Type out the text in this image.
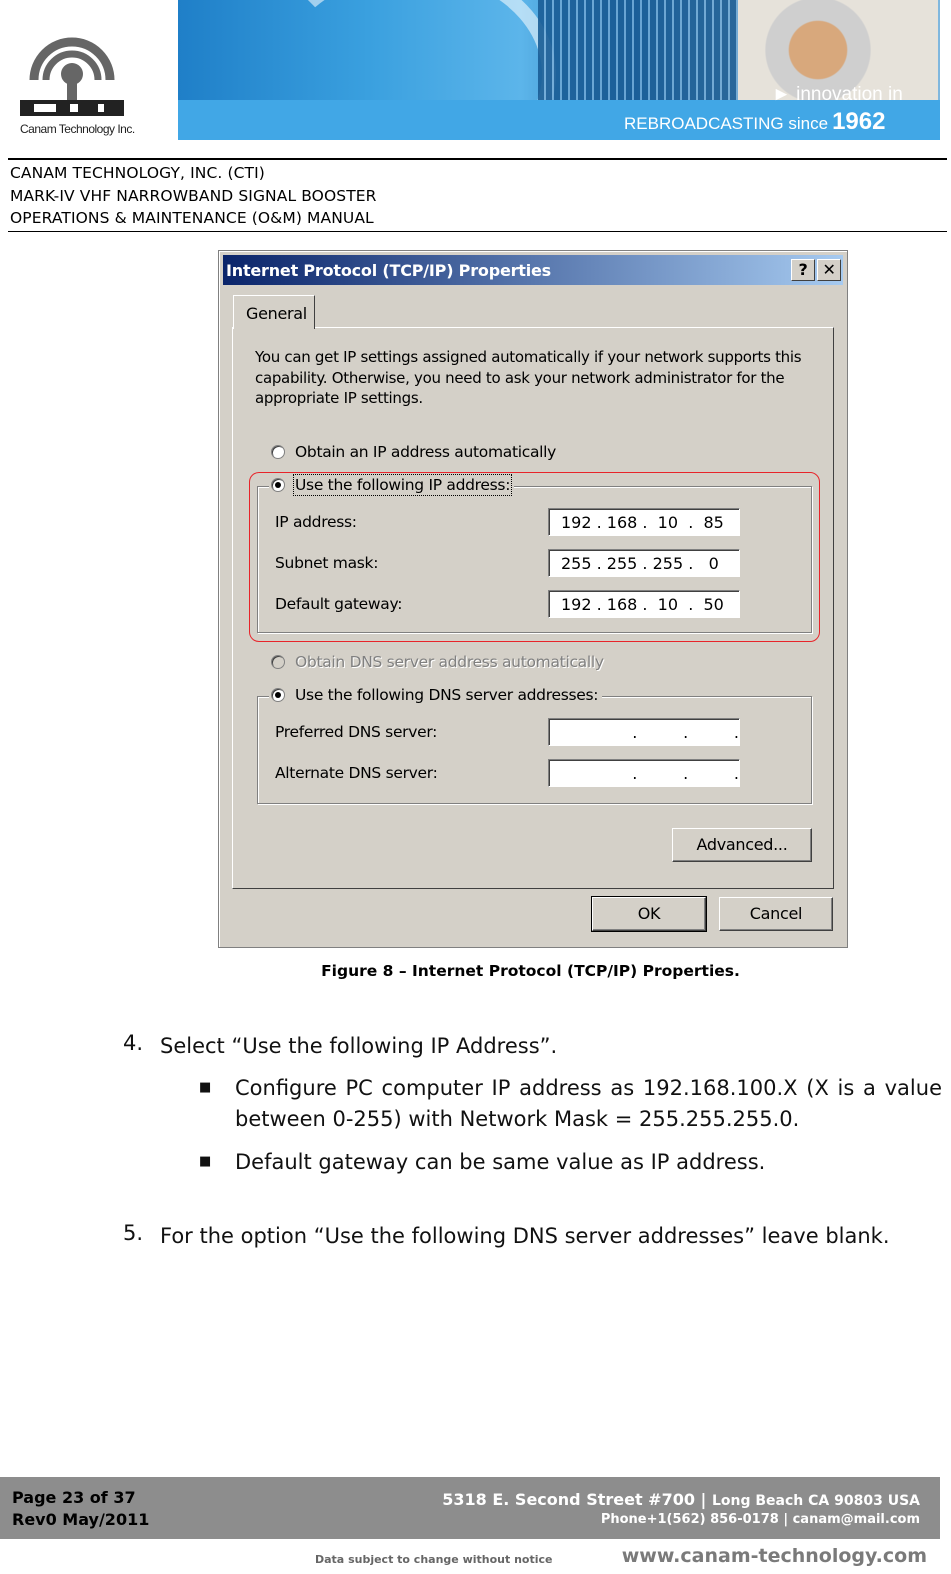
Canam Technology Inc.
► innovation in
REBROADCASTING since 1962
CANAM TECHNOLOGY, INC. (CTI)
MARK-IV VHF NARROWBAND SIGNAL BOOSTER
OPERATIONS & MAINTENANCE (O&M) MANUAL
Internet Protocol (TCP/IP) Properties	? ✕
General
You can get IP settings assigned automatically if your network supports this capability. Otherwise, you need to ask your network administrator for the appropriate IP settings.
Obtain an IP address automatically
Use the following IP address:
IP address:	192 . 168 .  10  .  85
Subnet mask:	255 . 255 . 255 .   0
Default gateway:	192 . 168 .  10  .  50
Obtain DNS server address automatically
Use the following DNS server addresses:
Preferred DNS server:	.         .         .
Alternate DNS server:	.         .         .
Advanced...
OK	Cancel
Figure 8 – Internet Protocol (TCP/IP) Properties.
4. Select “Use the following IP Address”.
■ Configure PC computer IP address as 192.168.100.X (X is a value between 0-255) with Network Mask = 255.255.255.0.
■ Default gateway can be same value as IP address.
5. For the option “Use the following DNS server addresses” leave blank.
Page 23 of 37
Rev0 May/2011
5318 E. Second Street #700 | Long Beach CA 90803 USA
Phone+1(562) 856-0178 | canam@mail.com
Data subject to change without notice	www.canam-technology.com
